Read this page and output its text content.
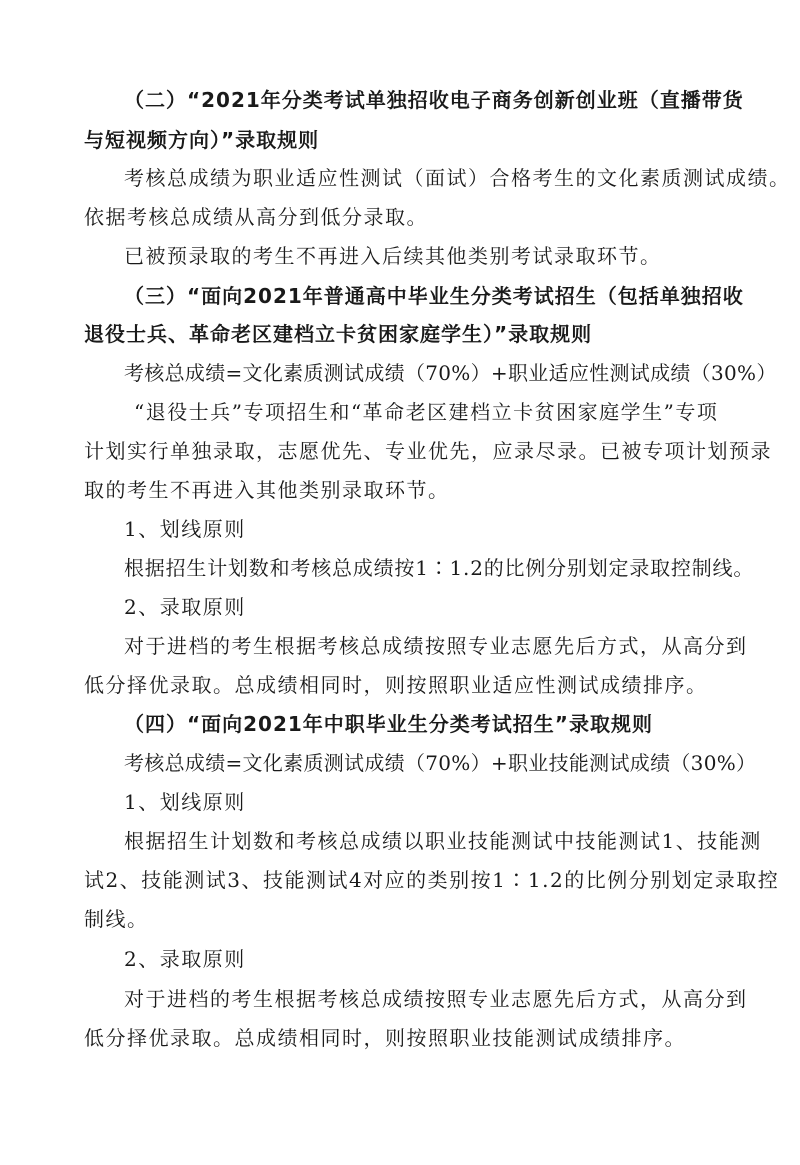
（二）“2021年分类考试单独招收电子商务创新创业班（直播带货
与短视频方向）”录取规则
考核总成绩为职业适应性测试（面试）合格考生的文化素质测试成绩。
依据考核总成绩从高分到低分录取。
已被预录取的考生不再进入后续其他类别考试录取环节。
（三）“面向2021年普通高中毕业生分类考试招生（包括单独招收
退役士兵、革命老区建档立卡贫困家庭学生）”录取规则
考核总成绩=文化素质测试成绩（70%）+职业适应性测试成绩（30%）
“退役士兵”专项招生和“革命老区建档立卡贫困家庭学生”专项
计划实行单独录取，志愿优先、专业优先，应录尽录。已被专项计划预录
取的考生不再进入其他类别录取环节。
1、划线原则
根据招生计划数和考核总成绩按1∶1.2的比例分别划定录取控制线。
2、录取原则
对于进档的考生根据考核总成绩按照专业志愿先后方式，从高分到
低分择优录取。总成绩相同时，则按照职业适应性测试成绩排序。
（四）“面向2021年中职毕业生分类考试招生”录取规则
考核总成绩=文化素质测试成绩（70%）+职业技能测试成绩（30%）
1、划线原则
根据招生计划数和考核总成绩以职业技能测试中技能测试1、技能测
试2、技能测试3、技能测试4对应的类别按1∶1.2的比例分别划定录取控
制线。
2、录取原则
对于进档的考生根据考核总成绩按照专业志愿先后方式，从高分到
低分择优录取。总成绩相同时，则按照职业技能测试成绩排序。
